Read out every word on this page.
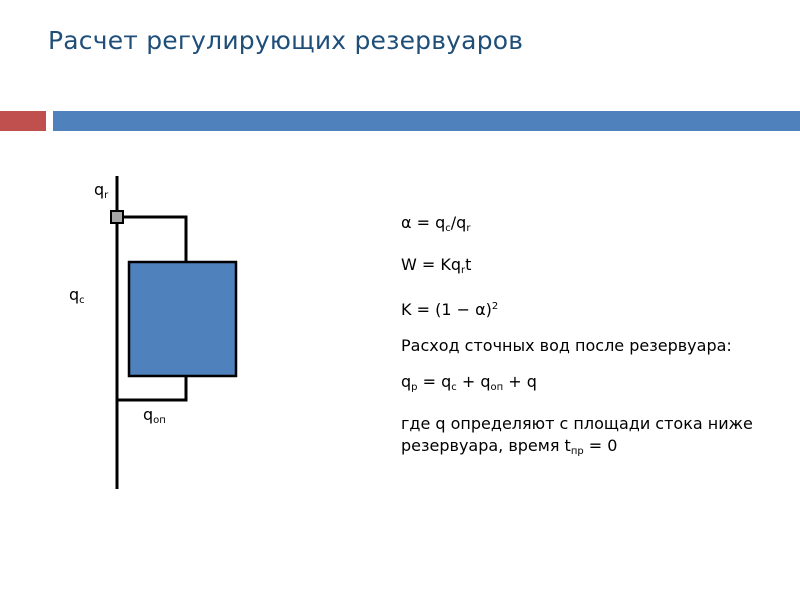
Расчет регулирующих резервуаров
$q_r$
$q_c$
$q_{оп}$
$\alpha = q_c/q_r$
$W = Kq_rt$
$K = (1 - \alpha)^2$
Расход сточных вод после резервуара:
$q_р = q_c + q_{оп} + q$
где q определяют с площади стока ниже резервуара, время $t_{пр} = 0$
